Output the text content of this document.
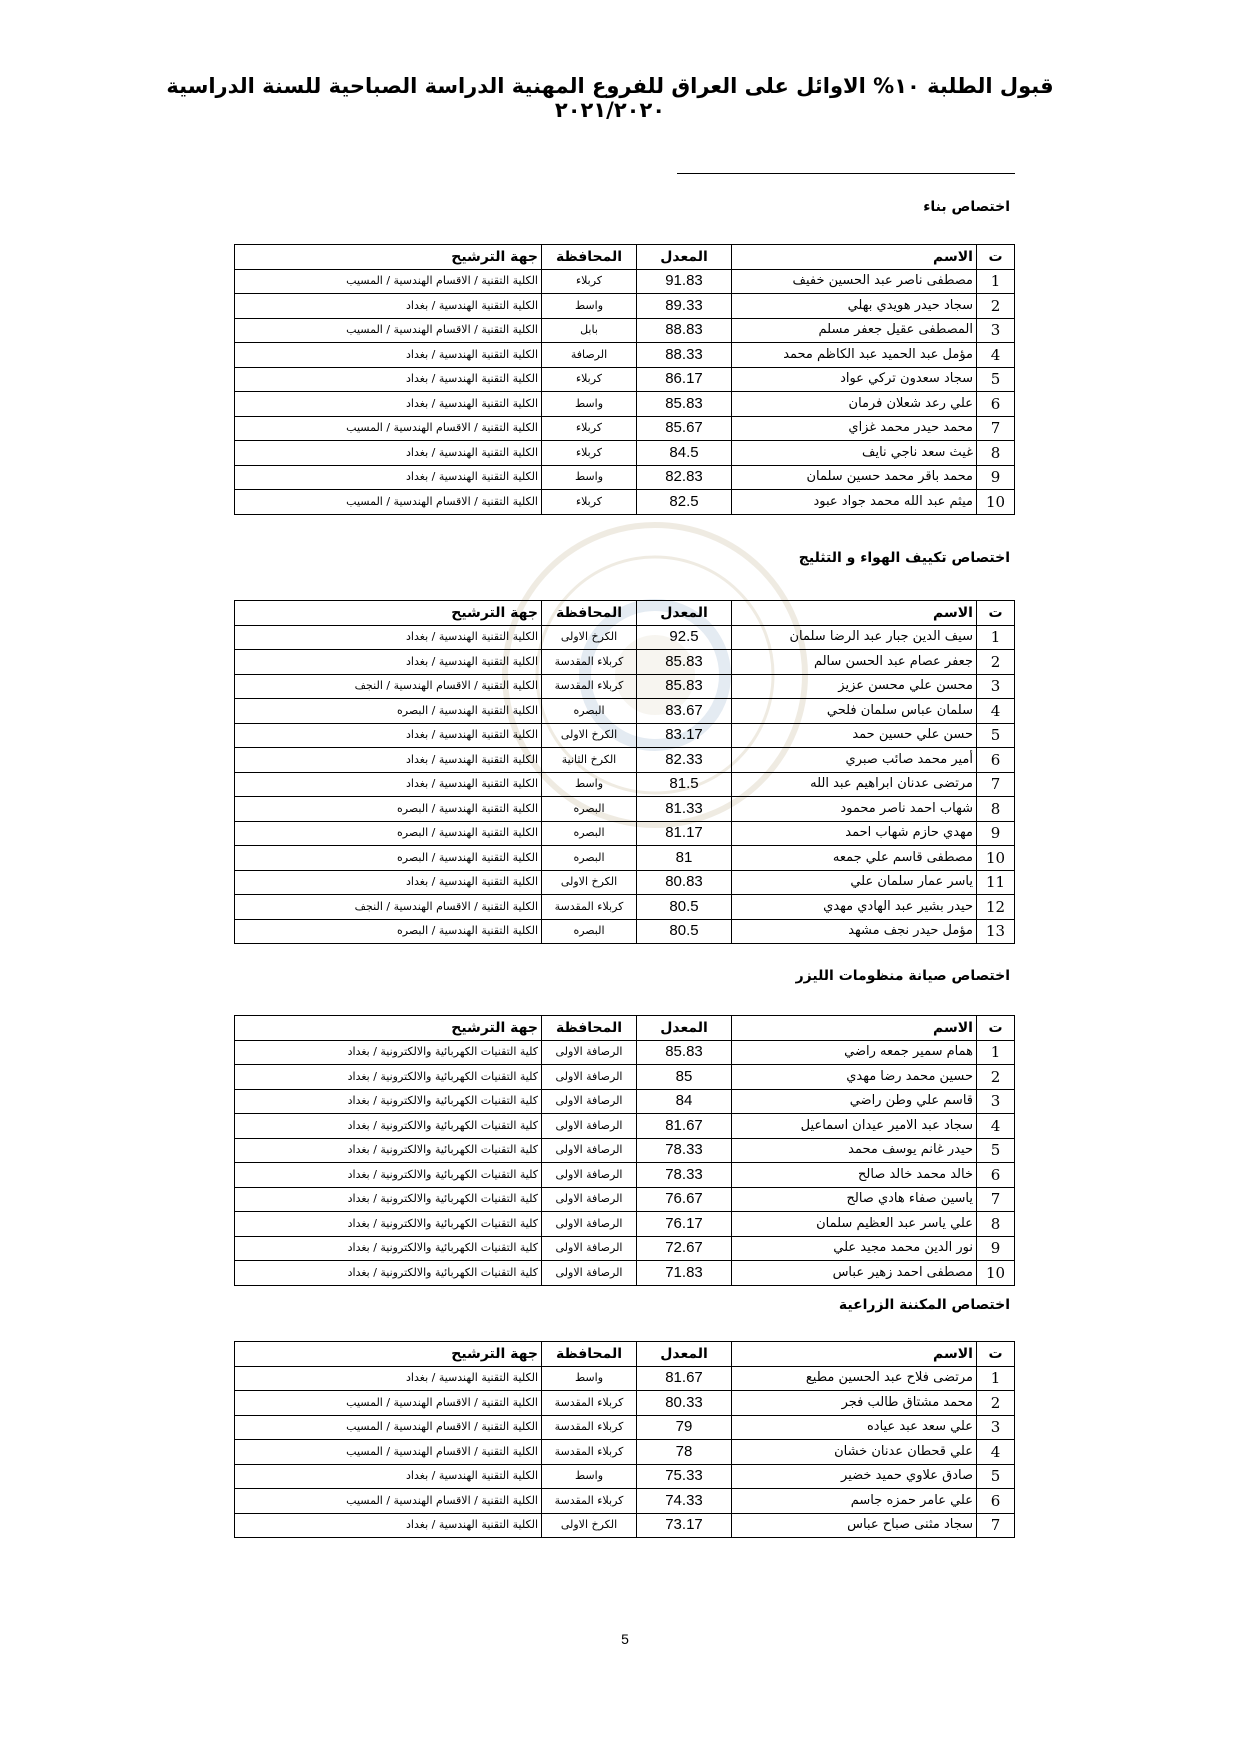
قبول الطلبة ١٠% الاوائل على العراق للفروع المهنية الدراسة الصباحية للسنة الدراسية ٢٠٢١/٢٠٢٠
اختصاص بناء
ت	الاسم	المعدل	المحافظة	جهة الترشيح
1	مصطفى ناصر عبد الحسين خفيف	91.83	كربلاء	الكلية التقنية / الاقسام الهندسية / المسيب
2	سجاد حيدر هويدي بهلي	89.33	واسط	الكلية التقنية الهندسية / بغداد
3	المصطفى عقيل جعفر مسلم	88.83	بابل	الكلية التقنية / الاقسام الهندسية / المسيب
4	مؤمل عبد الحميد عبد الكاظم محمد	88.33	الرصافة	الكلية التقنية الهندسية / بغداد
5	سجاد سعدون تركي عواد	86.17	كربلاء	الكلية التقنية الهندسية / بغداد
6	علي رعد شعلان فرمان	85.83	واسط	الكلية التقنية الهندسية / بغداد
7	محمد حيدر محمد غزاي	85.67	كربلاء	الكلية التقنية / الاقسام الهندسية / المسيب
8	غيث سعد ناجي نايف	84.5	كربلاء	الكلية التقنية الهندسية / بغداد
9	محمد باقر محمد حسين سلمان	82.83	واسط	الكلية التقنية الهندسية / بغداد
10	ميثم عبد الله محمد جواد عبود	82.5	كربلاء	الكلية التقنية / الاقسام الهندسية / المسيب
اختصاص تكييف الهواء و التثليج
ت	الاسم	المعدل	المحافظة	جهة الترشيح
1	سيف الدين جبار عبد الرضا سلمان	92.5	الكرخ الاولى	الكلية التقنية الهندسية / بغداد
2	جعفر عصام عبد الحسن سالم	85.83	كربلاء المقدسة	الكلية التقنية الهندسية / بغداد
3	محسن علي محسن عزيز	85.83	كربلاء المقدسة	الكلية التقنية / الاقسام الهندسية / النجف
4	سلمان عباس سلمان فلحي	83.67	البصره	الكلية التقنية الهندسية / البصره
5	حسن علي حسين حمد	83.17	الكرخ الاولى	الكلية التقنية الهندسية / بغداد
6	أمير محمد صائب صبري	82.33	الكرخ الثانية	الكلية التقنية الهندسية / بغداد
7	مرتضى عدنان ابراهيم عبد الله	81.5	واسط	الكلية التقنية الهندسية / بغداد
8	شهاب احمد ناصر محمود	81.33	البصره	الكلية التقنية الهندسية / البصره
9	مهدي حازم شهاب احمد	81.17	البصره	الكلية التقنية الهندسية / البصره
10	مصطفى قاسم علي جمعه	81	البصره	الكلية التقنية الهندسية / البصره
11	ياسر عمار سلمان علي	80.83	الكرخ الاولى	الكلية التقنية الهندسية / بغداد
12	حيدر بشير عبد الهادي مهدي	80.5	كربلاء المقدسة	الكلية التقنية / الاقسام الهندسية / النجف
13	مؤمل حيدر نجف مشهد	80.5	البصره	الكلية التقنية الهندسية / البصره
اختصاص صيانة منظومات الليزر
ت	الاسم	المعدل	المحافظة	جهة الترشيح
1	همام سمير جمعه راضي	85.83	الرصافة الاولى	كلية التقنيات الكهربائية والالكترونية / بغداد
2	حسين محمد رضا مهدي	85	الرصافة الاولى	كلية التقنيات الكهربائية والالكترونية / بغداد
3	قاسم علي وطن راضي	84	الرصافة الاولى	كلية التقنيات الكهربائية والالكترونية / بغداد
4	سجاد عبد الامير عيدان اسماعيل	81.67	الرصافة الاولى	كلية التقنيات الكهربائية والالكترونية / بغداد
5	حيدر غانم يوسف محمد	78.33	الرصافة الاولى	كلية التقنيات الكهربائية والالكترونية / بغداد
6	خالد محمد خالد صالح	78.33	الرصافة الاولى	كلية التقنيات الكهربائية والالكترونية / بغداد
7	ياسين صفاء هادي صالح	76.67	الرصافة الاولى	كلية التقنيات الكهربائية والالكترونية / بغداد
8	علي ياسر عبد العظيم سلمان	76.17	الرصافة الاولى	كلية التقنيات الكهربائية والالكترونية / بغداد
9	نور الدين محمد مجيد علي	72.67	الرصافة الاولى	كلية التقنيات الكهربائية والالكترونية / بغداد
10	مصطفى احمد زهير عباس	71.83	الرصافة الاولى	كلية التقنيات الكهربائية والالكترونية / بغداد
اختصاص المكننة الزراعية
ت	الاسم	المعدل	المحافظة	جهة الترشيح
1	مرتضى فلاح عبد الحسين مطيع	81.67	واسط	الكلية التقنية الهندسية / بغداد
2	محمد مشتاق طالب فجر	80.33	كربلاء المقدسة	الكلية التقنية / الاقسام الهندسية / المسيب
3	علي سعد عبد عياده	79	كربلاء المقدسة	الكلية التقنية / الاقسام الهندسية / المسيب
4	علي قحطان عدنان خشان	78	كربلاء المقدسة	الكلية التقنية / الاقسام الهندسية / المسيب
5	صادق علاوي حميد خضير	75.33	واسط	الكلية التقنية الهندسية / بغداد
6	علي عامر حمزه جاسم	74.33	كربلاء المقدسة	الكلية التقنية / الاقسام الهندسية / المسيب
7	سجاد مثنى صباح عباس	73.17	الكرخ الاولى	الكلية التقنية الهندسية / بغداد
5
